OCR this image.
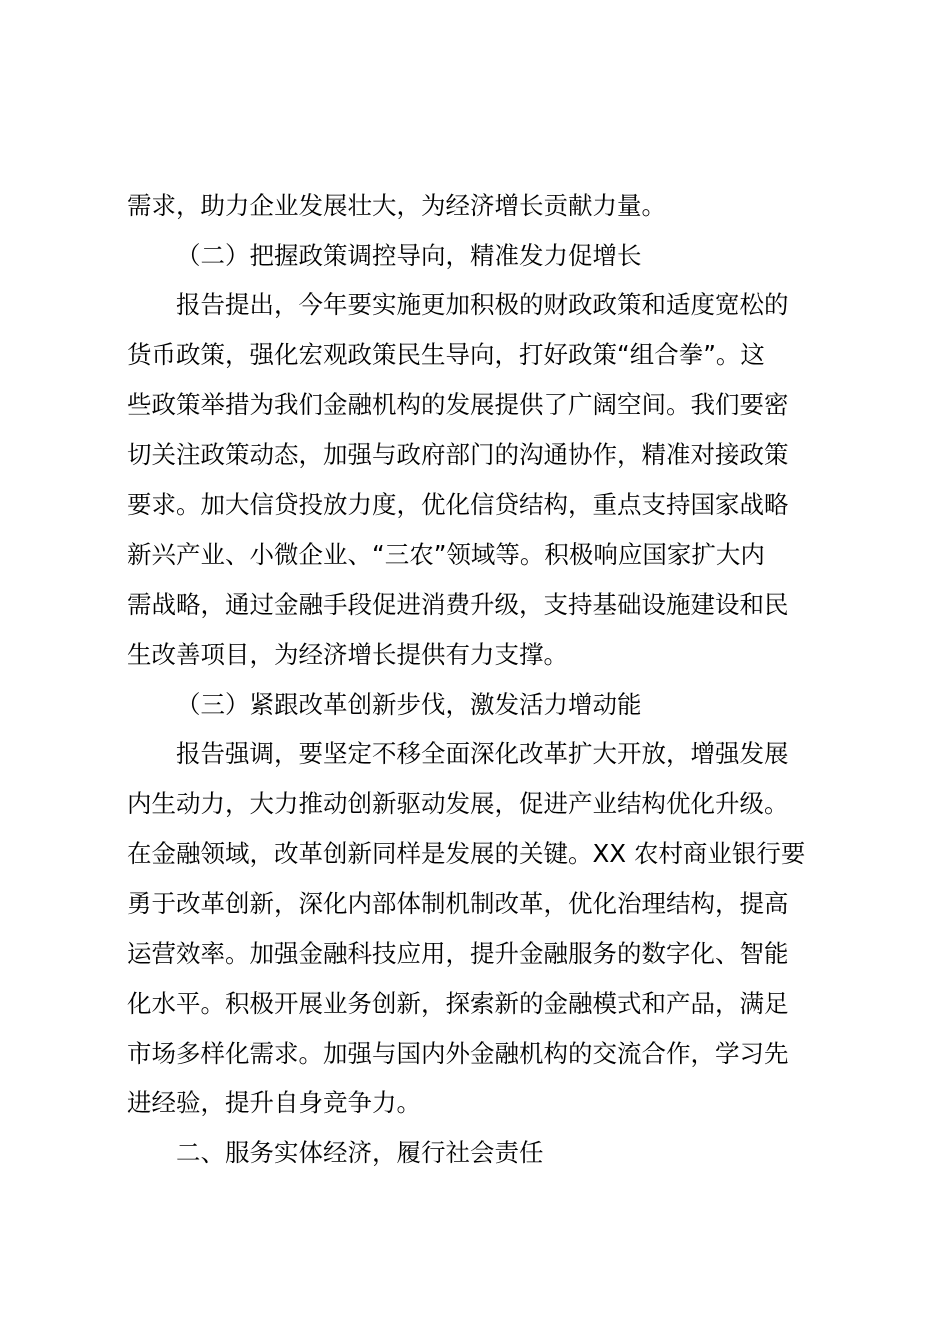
需求，助力企业发展壮大，为经济增长贡献力量。
（二）把握政策调控导向，精准发力促增长
报告提出，今年要实施更加积极的财政政策和适度宽松的
货币政策，强化宏观政策民生导向，打好政策“组合拳”。这
些政策举措为我们金融机构的发展提供了广阔空间。我们要密
切关注政策动态，加强与政府部门的沟通协作，精准对接政策
要求。加大信贷投放力度，优化信贷结构，重点支持国家战略
新兴产业、小微企业、“三农”领域等。积极响应国家扩大内
需战略，通过金融手段促进消费升级，支持基础设施建设和民
生改善项目，为经济增长提供有力支撑。
（三）紧跟改革创新步伐，激发活力增动能
报告强调，要坚定不移全面深化改革扩大开放，增强发展
内生动力，大力推动创新驱动发展，促进产业结构优化升级。
在金融领域，改革创新同样是发展的关键。XX 农村商业银行要
勇于改革创新，深化内部体制机制改革，优化治理结构，提高
运营效率。加强金融科技应用，提升金融服务的数字化、智能
化水平。积极开展业务创新，探索新的金融模式和产品，满足
市场多样化需求。加强与国内外金融机构的交流合作，学习先
进经验，提升自身竞争力。
二、服务实体经济，履行社会责任
